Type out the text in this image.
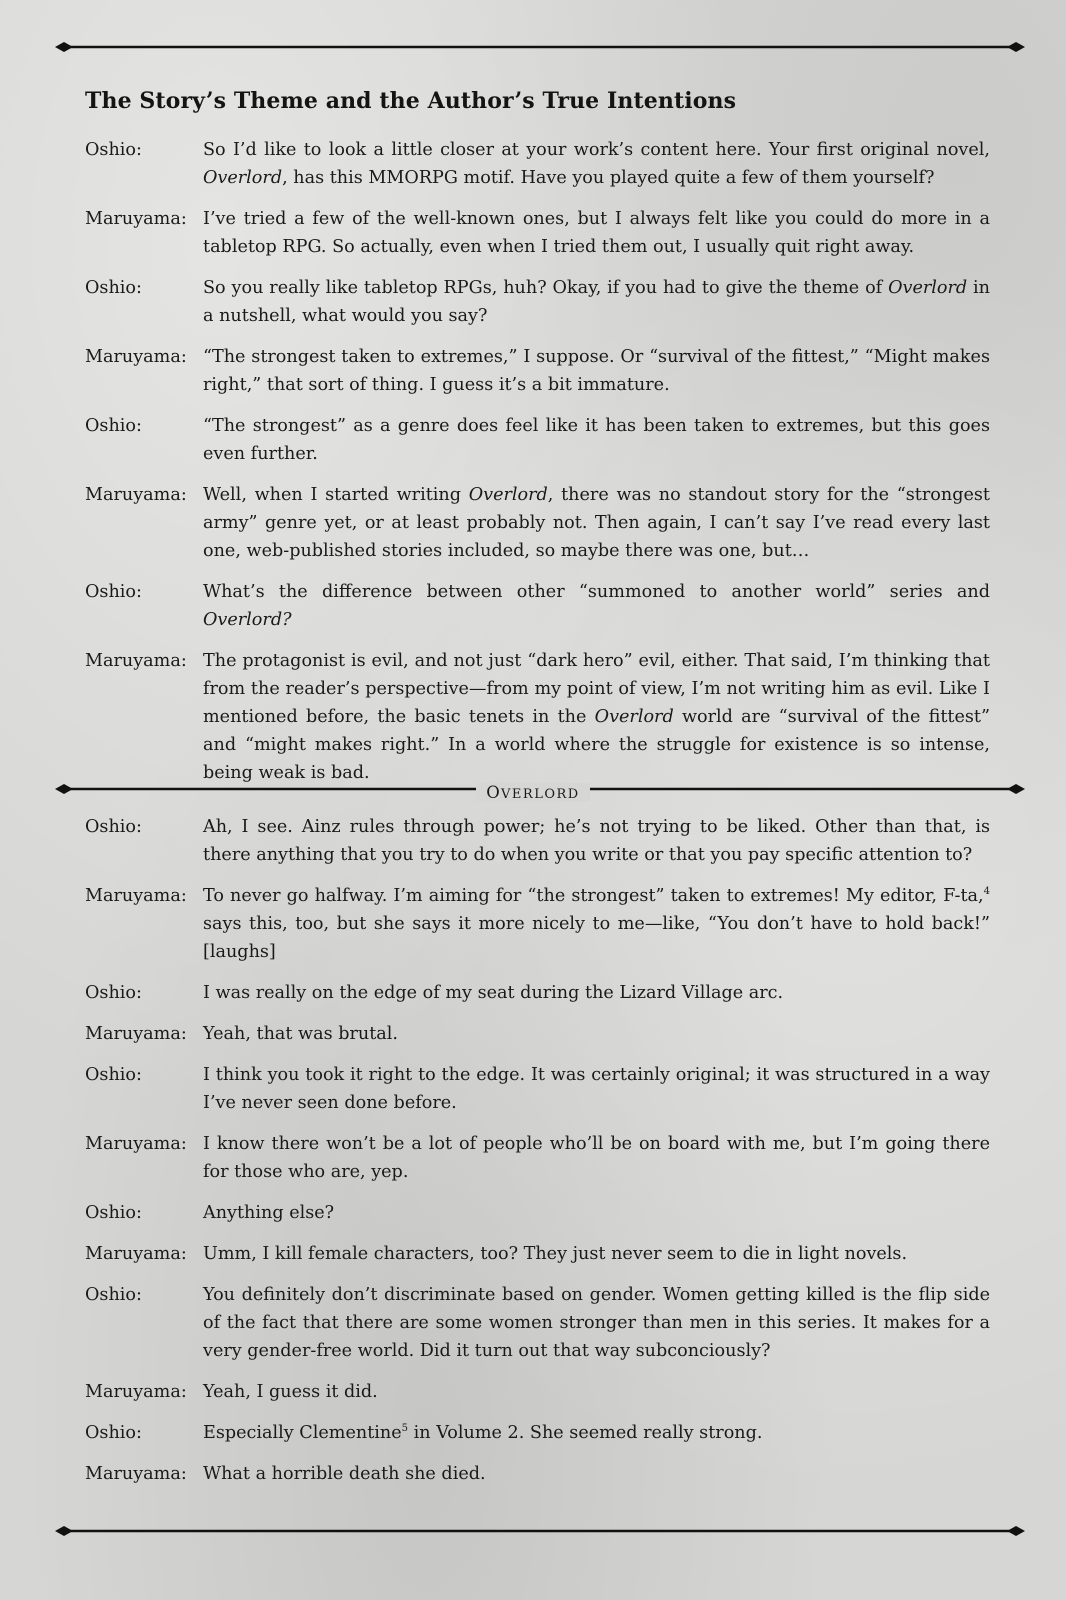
The Story’s Theme and the Author’s True Intentions
Oshio:	So I’d like to look a little closer at your work’s content here. Your first original novel, Overlord, has this MMORPG motif. Have you played quite a few of them yourself?
Maruyama: I’ve tried a few of the well-known ones, but I always felt like you could do more in a tabletop RPG. So actually, even when I tried them out, I usually quit right away.
Oshio:	So you really like tabletop RPGs, huh? Okay, if you had to give the theme of Overlord in a nutshell, what would you say?
Maruyama: “The strongest taken to extremes,” I suppose. Or “survival of the fittest,” “Might makes right,” that sort of thing. I guess it’s a bit immature.
Oshio:	“The strongest” as a genre does feel like it has been taken to extremes, but this goes even further.
Maruyama: Well, when I started writing Overlord, there was no standout story for the “strongest army” genre yet, or at least probably not. Then again, I can’t say I’ve read every last one, web-published stories included, so maybe there was one, but…
Oshio:	What’s the difference between other “summoned to another world” series and Overlord?
Maruyama: The protagonist is evil, and not just “dark hero” evil, either. That said, I’m thinking that from the reader’s perspective—from my point of view, I’m not writing him as evil. Like I mentioned before, the basic tenets in the Overlord world are “survival of the fittest” and “might makes right.” In a world where the struggle for existence is so intense, being weak is bad.
OVERLORD
Oshio:	Ah, I see. Ainz rules through power; he’s not trying to be liked. Other than that, is there anything that you try to do when you write or that you pay specific attention to?
Maruyama: To never go halfway. I’m aiming for “the strongest” taken to extremes! My editor, F-ta,$^4$ says this, too, but she says it more nicely to me—like, “You don’t have to hold back!” [laughs]
Oshio:	I was really on the edge of my seat during the Lizard Village arc.
Maruyama: Yeah, that was brutal.
Oshio:	I think you took it right to the edge. It was certainly original; it was structured in a way I’ve never seen done before.
Maruyama: I know there won’t be a lot of people who’ll be on board with me, but I’m going there for those who are, yep.
Oshio:	Anything else?
Maruyama: Umm, I kill female characters, too? They just never seem to die in light novels.
Oshio:	You definitely don’t discriminate based on gender. Women getting killed is the flip side of the fact that there are some women stronger than men in this series. It makes for a very gender-free world. Did it turn out that way subconciously?
Maruyama: Yeah, I guess it did.
Oshio:	Especially Clementine$^5$ in Volume 2. She seemed really strong.
Maruyama: What a horrible death she died.
